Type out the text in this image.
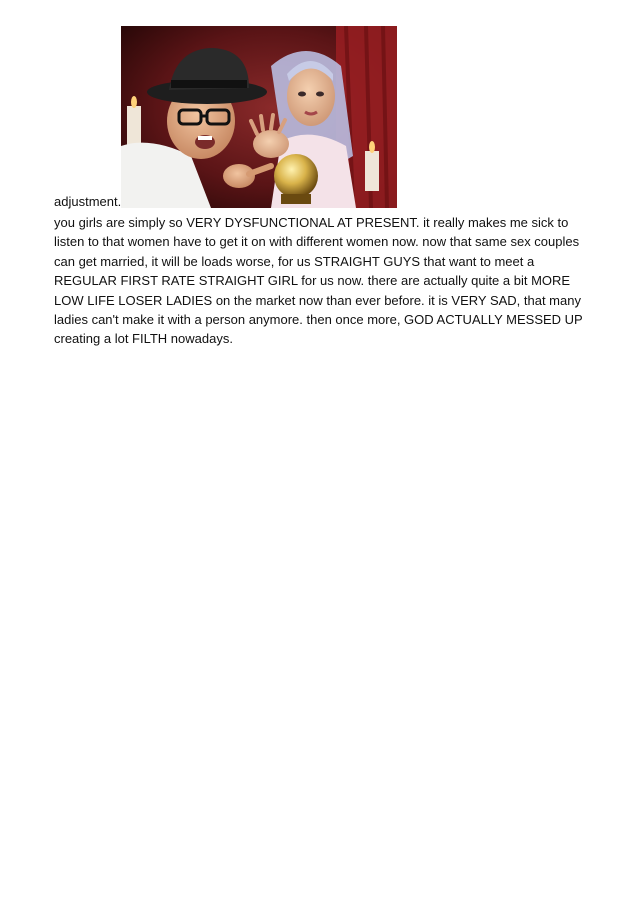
adjustment.

you girls are simply so VERY DYSFUNCTIONAL AT PRESENT. it really makes me sick to listen to that women have to get it on with different women now. now that same sex couples can get married, it will be loads worse, for us STRAIGHT GUYS that want to meet a REGULAR FIRST RATE STRAIGHT GIRL for us now. there are actually quite a bit MORE LOW LIFE LOSER LADIES on the market now than ever before. it is VERY SAD, that many ladies can't make it with a person anymore. then once more, GOD ACTUALLY MESSED UP creating a lot FILTH nowadays.
